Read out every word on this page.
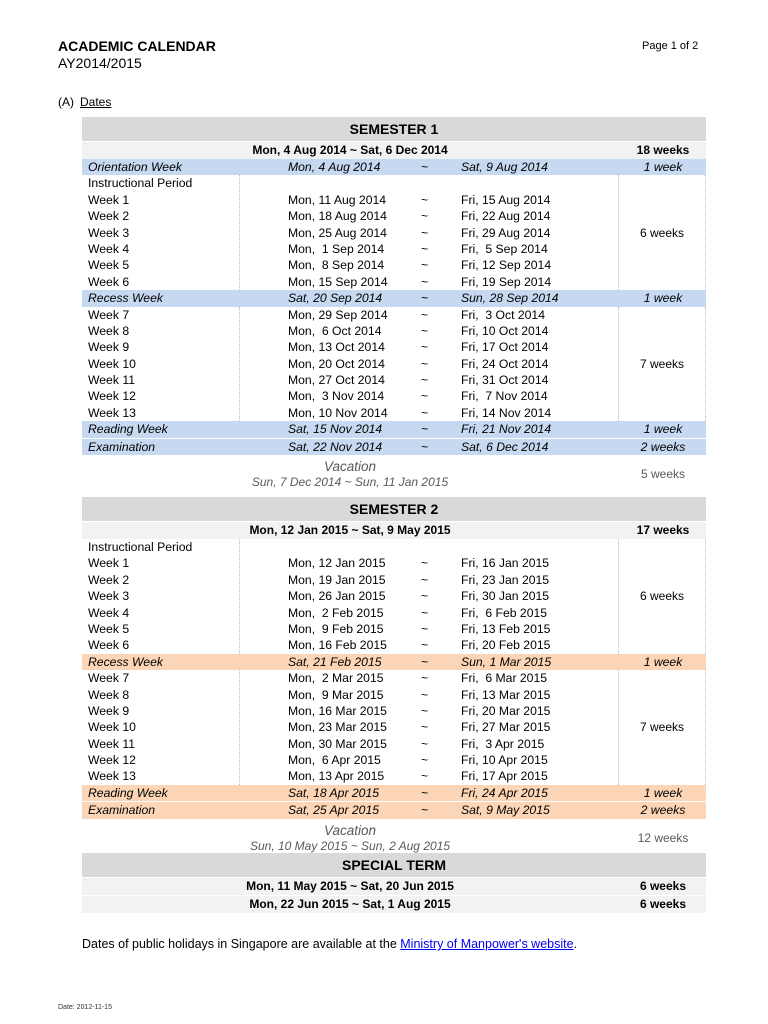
ACADEMIC CALENDAR
AY2014/2015
Page 1 of 2
(A) Dates
SEMESTER 1
Mon, 4 Aug 2014 ~ Sat, 6 Dec 2014	18 weeks
Orientation Week	Mon, 4 Aug 2014	~	Sat, 9 Aug 2014	1 week
Instructional Period
Week 1	Mon, 11 Aug 2014	~	Fri, 15 Aug 2014
Week 2	Mon, 18 Aug 2014	~	Fri, 22 Aug 2014
Week 3	Mon, 25 Aug 2014	~	Fri, 29 Aug 2014
Week 4	Mon,  1 Sep 2014	~	Fri,  5 Sep 2014
Week 5	Mon,  8 Sep 2014	~	Fri, 12 Sep 2014
Week 6	Mon, 15 Sep 2014	~	Fri, 19 Sep 2014
6 weeks
Recess Week	Sat, 20 Sep 2014	~	Sun, 28 Sep 2014	1 week
Week 7	Mon, 29 Sep 2014	~	Fri,  3 Oct 2014
Week 8	Mon,  6 Oct 2014	~	Fri, 10 Oct 2014
Week 9	Mon, 13 Oct 2014	~	Fri, 17 Oct 2014
Week 10	Mon, 20 Oct 2014	~	Fri, 24 Oct 2014
Week 11	Mon, 27 Oct 2014	~	Fri, 31 Oct 2014
Week 12	Mon,  3 Nov 2014	~	Fri,  7 Nov 2014
Week 13	Mon, 10 Nov 2014	~	Fri, 14 Nov 2014
7 weeks
Reading Week	Sat, 15 Nov 2014	~	Fri, 21 Nov 2014	1 week
Examination	Sat, 22 Nov 2014	~	Sat, 6 Dec 2014	2 weeks
Vacation
Sun, 7 Dec 2014 ~ Sun, 11 Jan 2015
5 weeks
SEMESTER 2
Mon, 12 Jan 2015 ~ Sat, 9 May 2015	17 weeks
Instructional Period
Week 1	Mon, 12 Jan 2015	~	Fri, 16 Jan 2015
Week 2	Mon, 19 Jan 2015	~	Fri, 23 Jan 2015
Week 3	Mon, 26 Jan 2015	~	Fri, 30 Jan 2015
Week 4	Mon,  2 Feb 2015	~	Fri,  6 Feb 2015
Week 5	Mon,  9 Feb 2015	~	Fri, 13 Feb 2015
Week 6	Mon, 16 Feb 2015	~	Fri, 20 Feb 2015
6 weeks
Recess Week	Sat, 21 Feb 2015	~	Sun, 1 Mar 2015	1 week
Week 7	Mon,  2 Mar 2015	~	Fri,  6 Mar 2015
Week 8	Mon,  9 Mar 2015	~	Fri, 13 Mar 2015
Week 9	Mon, 16 Mar 2015	~	Fri, 20 Mar 2015
Week 10	Mon, 23 Mar 2015	~	Fri, 27 Mar 2015
Week 11	Mon, 30 Mar 2015	~	Fri,  3 Apr 2015
Week 12	Mon,  6 Apr 2015	~	Fri, 10 Apr 2015
Week 13	Mon, 13 Apr 2015	~	Fri, 17 Apr 2015
7 weeks
Reading Week	Sat, 18 Apr 2015	~	Fri, 24 Apr 2015	1 week
Examination	Sat, 25 Apr 2015	~	Sat, 9 May 2015	2 weeks
Vacation
Sun, 10 May 2015 ~ Sun, 2 Aug 2015
12 weeks
SPECIAL TERM
Mon, 11 May 2015 ~ Sat, 20 Jun 2015	6 weeks
Mon, 22 Jun 2015 ~ Sat, 1 Aug 2015	6 weeks
Dates of public holidays in Singapore are available at the Ministry of Manpower's website.
Date: 2012-11-15
